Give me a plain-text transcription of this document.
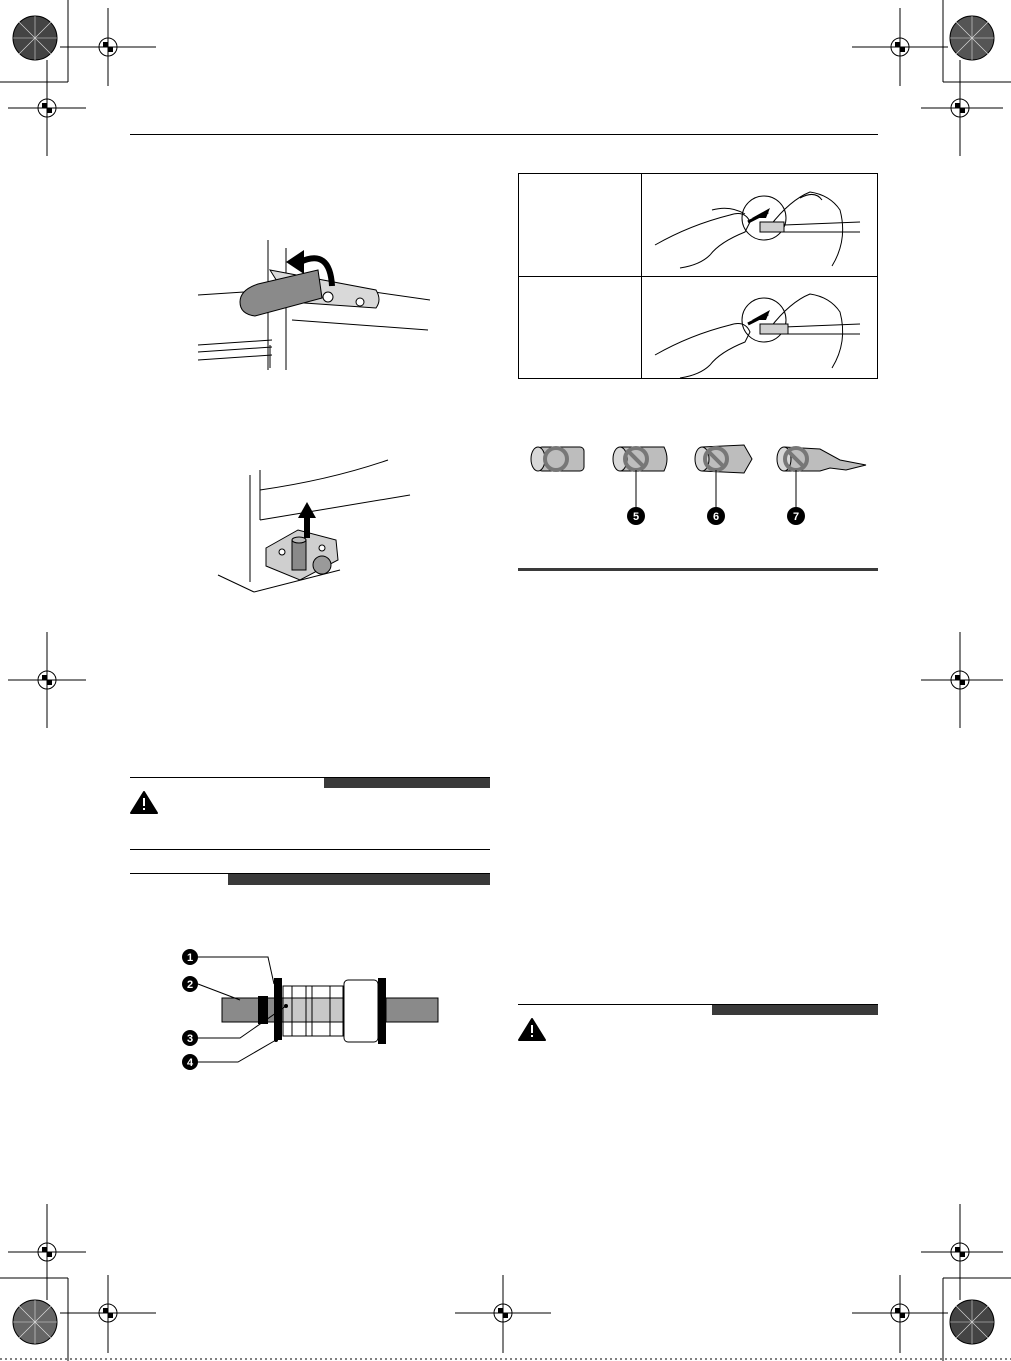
1
2
3
4
5	6	7
